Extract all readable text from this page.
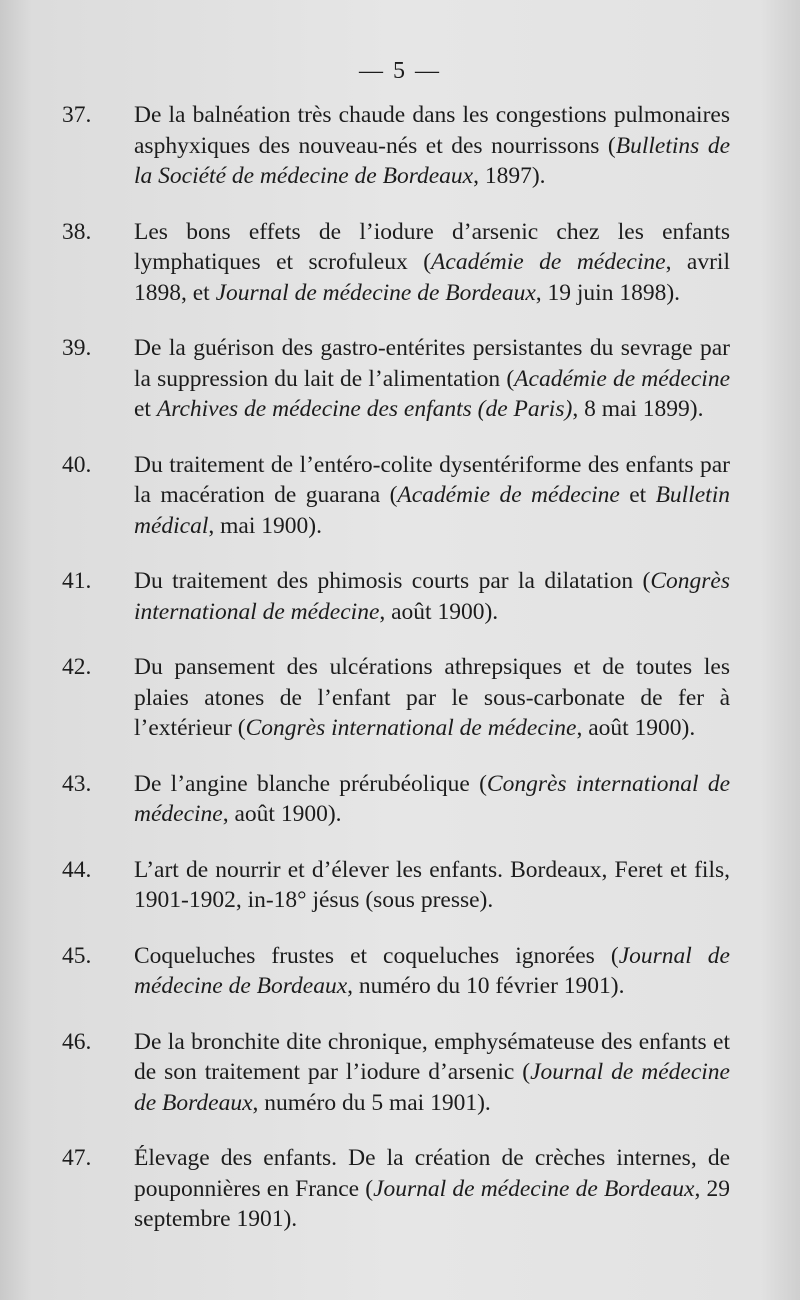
— 5 —
37.	De la balnéation très chaude dans les congestions pulmonaires asphyxiques des nouveau-nés et des nourrissons (Bulletins de la Société de médecine de Bordeaux, 1897).
38.	Les bons effets de l’iodure d’arsenic chez les enfants lymphatiques et scrofuleux (Académie de médecine, avril 1898, et Journal de médecine de Bordeaux, 19 juin 1898).
39.	De la guérison des gastro-entérites persistantes du sevrage par la suppression du lait de l’alimentation (Académie de médecine et Archives de médecine des enfants (de Paris), 8 mai 1899).
40.	Du traitement de l’entéro-colite dysentériforme des enfants par la macération de guarana (Académie de médecine et Bulletin médical, mai 1900).
41.	Du traitement des phimosis courts par la dilatation (Congrès international de médecine, août 1900).
42.	Du pansement des ulcérations athrepsiques et de toutes les plaies atones de l’enfant par le sous-carbonate de fer à l’extérieur (Congrès international de médecine, août 1900).
43.	De l’angine blanche prérubéolique (Congrès international de médecine, août 1900).
44.	L’art de nourrir et d’élever les enfants. Bordeaux, Feret et fils, 1901-1902, in-18° jésus (sous presse).
45.	Coqueluches frustes et coqueluches ignorées (Journal de médecine de Bordeaux, numéro du 10 février 1901).
46.	De la bronchite dite chronique, emphysémateuse des enfants et de son traitement par l’iodure d’arsenic (Journal de médecine de Bordeaux, numéro du 5 mai 1901).
47.	Élevage des enfants. De la création de crèches internes, de pouponnières en France (Journal de médecine de Bordeaux, 29 septembre 1901).
